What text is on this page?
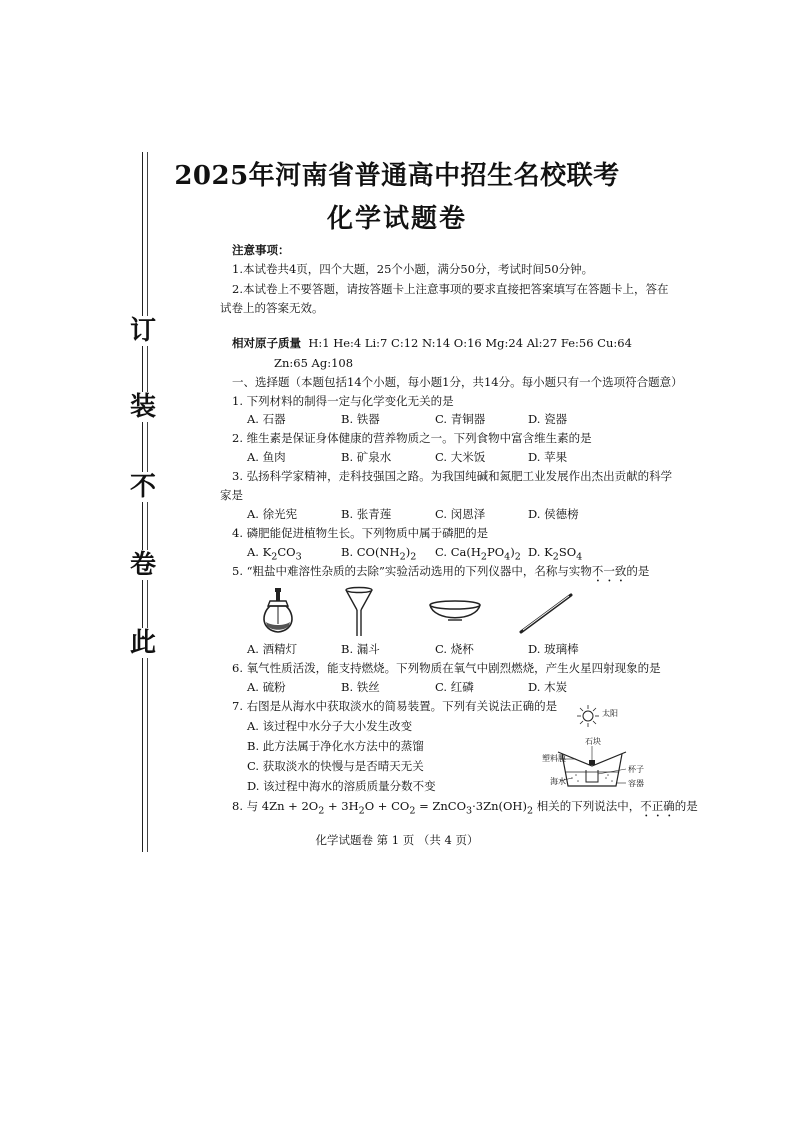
订
装
不
卷
此
2025年河南省普通高中招生名校联考
化学试题卷
注意事项：
1.本试卷共4页，四个大题，25个小题，满分50分，考试时间50分钟。
2.本试卷上不要答题，请按答题卡上注意事项的要求直接把答案填写在答题卡上，答在
试卷上的答案无效。
相对原子质量 H:1 He:4 Li:7 C:12 N:14 O:16 Mg:24 Al:27 Fe:56 Cu:64
Zn:65 Ag:108
一、选择题（本题包括14个小题，每小题1分，共14分。每小题只有一个选项符合题意）
1. 下列材料的制得一定与化学变化无关的是
A. 石器	B. 铁器	C. 青铜器	D. 瓷器
2. 维生素是保证身体健康的营养物质之一。下列食物中富含维生素的是
A. 鱼肉	B. 矿泉水	C. 大米饭	D. 苹果
3. 弘扬科学家精神，走科技强国之路。为我国纯碱和氮肥工业发展作出杰出贡献的科学
家是
A. 徐光宪	B. 张青莲	C. 闵恩泽	D. 侯德榜
4. 磷肥能促进植物生长。下列物质中属于磷肥的是
A. $K_2CO_3$	B. $CO(NH_2)_2$ C. $Ca(H_2PO_4)_2$ D. $K_2SO_4$
5. “粗盐中难溶性杂质的去除”实验活动选用的下列仪器中，名称与实物不一致的是
A. 酒精灯	B. 漏斗	C. 烧杯	D. 玻璃棒
6. 氧气性质活泼，能支持燃烧。下列物质在氧气中剧烈燃烧，产生火星四射现象的是
A. 硫粉	B. 铁丝	C. 红磷	D. 木炭
7. 右图是从海水中获取淡水的简易装置。下列有关说法正确的是
A. 该过程中水分子大小发生改变
B. 此方法属于净化水方法中的蒸馏
C. 获取淡水的快慢与是否晴天无关
D. 该过程中海水的溶质质量分数不变
太阳
石块
塑料膜
杯子
海水	容器
8. 与 $4Zn + 2O_2 + 3H_2O + CO_2$ = $ZnCO_3\cdot 3Zn(OH)_2$ 相关的下列说法中，不正确的是
化学试题卷 第 1 页 （共 4 页）
